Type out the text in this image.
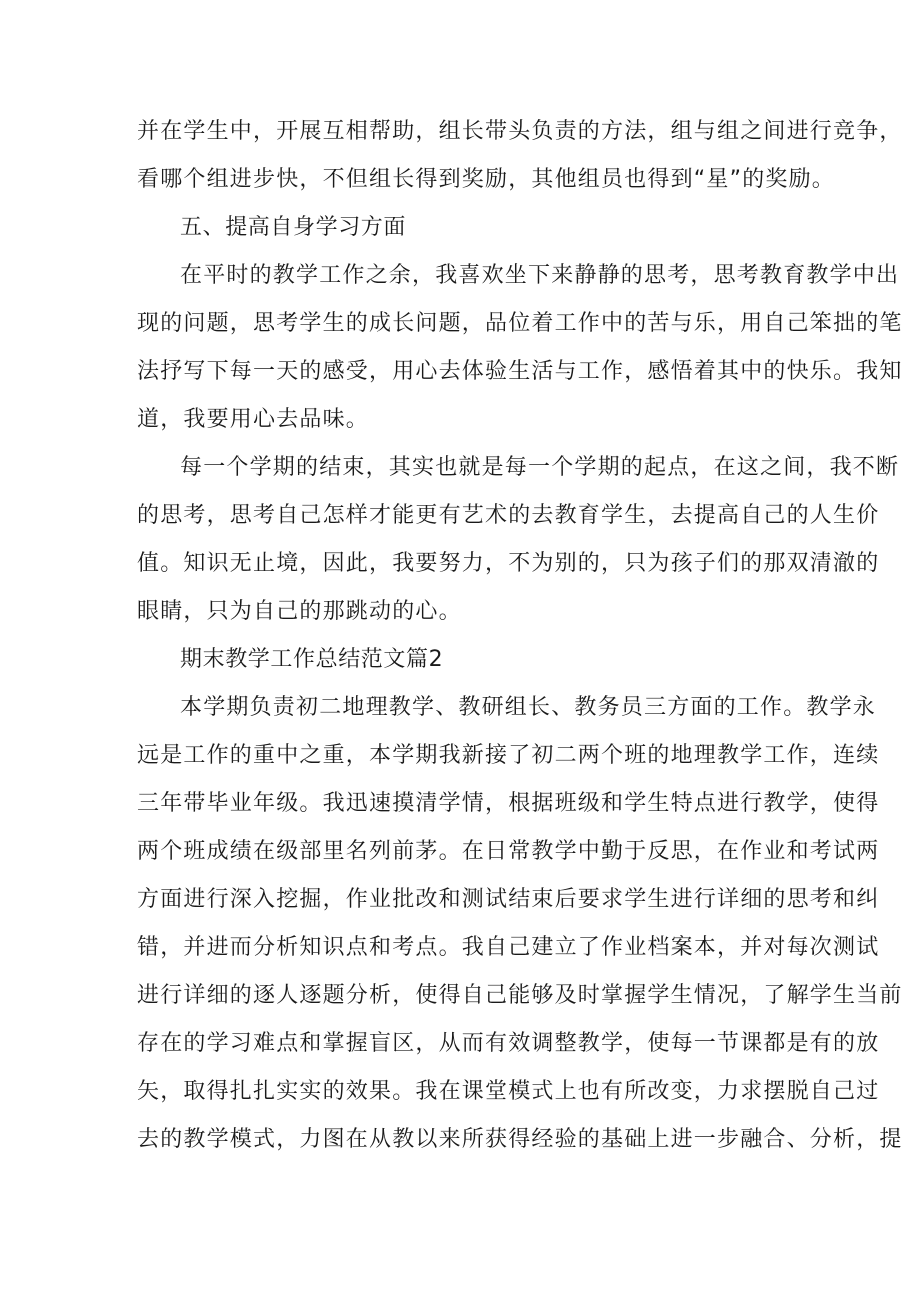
并在学生中，开展互相帮助，组长带头负责的方法，组与组之间进行竞争，
看哪个组进步快，不但组长得到奖励，其他组员也得到“星”的奖励。
五、提高自身学习方面
在平时的教学工作之余，我喜欢坐下来静静的思考，思考教育教学中出
现的问题，思考学生的成长问题，品位着工作中的苦与乐，用自己笨拙的笔
法抒写下每一天的感受，用心去体验生活与工作，感悟着其中的快乐。我知
道，我要用心去品味。
每一个学期的结束，其实也就是每一个学期的起点，在这之间，我不断
的思考，思考自己怎样才能更有艺术的去教育学生，去提高自己的人生价
值。知识无止境，因此，我要努力，不为别的，只为孩子们的那双清澈的
眼睛，只为自己的那跳动的心。
期末教学工作总结范文篇2
本学期负责初二地理教学、教研组长、教务员三方面的工作。教学永
远是工作的重中之重，本学期我新接了初二两个班的地理教学工作，连续
三年带毕业年级。我迅速摸清学情，根据班级和学生特点进行教学，使得
两个班成绩在级部里名列前茅。在日常教学中勤于反思，在作业和考试两
方面进行深入挖掘，作业批改和测试结束后要求学生进行详细的思考和纠
错，并进而分析知识点和考点。我自己建立了作业档案本，并对每次测试
进行详细的逐人逐题分析，使得自己能够及时掌握学生情况，了解学生当前
存在的学习难点和掌握盲区，从而有效调整教学，使每一节课都是有的放
矢，取得扎扎实实的效果。我在课堂模式上也有所改变，力求摆脱自己过
去的教学模式，力图在从教以来所获得经验的基础上进一步融合、分析，提
